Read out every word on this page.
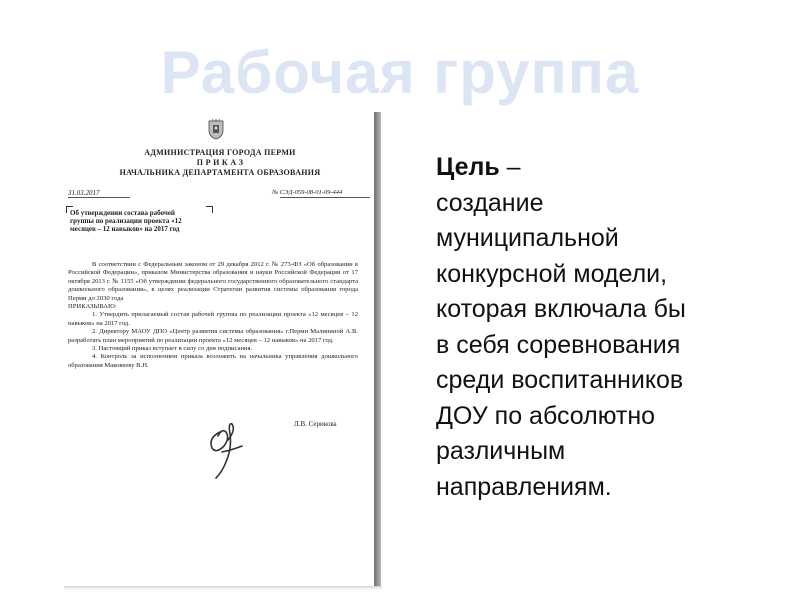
Рабочая группа
АДМИНИСТРАЦИЯ ГОРОДА ПЕРМИ
П Р И К А З
НАЧАЛЬНИКА ДЕПАРТАМЕНТА ОБРАЗОВАНИЯ
31.03.2017	№ СЭД-059-08-01-09-444
Об утверждении состава рабочей
группы по реализации проекта «12
месяцев – 12 навыков» на 2017 год

В соответствии с Федеральным законом от 29 декабря 2012 г. № 273-ФЗ «Об образовании в Российской Федерации», приказом Министерства образования и науки Российской Федерации от 17 октября 2013 г. № 1155 «Об утверждении федерального государственного образовательного стандарта дошкольного образования», в целях реализации Стратегии развития системы образования города Перми до 2030 года

ПРИКАЗЫВАЮ:

1. Утвердить прилагаемый состав рабочей группы по реализации проекта «12 месяцев – 12 навыков» на 2017 год.

2. Директору МАОУ ДПО «Центр развития системы образования» г.Перми Малининой А.В. разработать план мероприятий по реализации проекта «12 месяцев – 12 навыков» на 2017 год.

3. Настоящий приказ вступает в силу со дня подписания.

4. Контроль за исполнением приказа возложить на начальника управления дошкольного образования Маковееву В.Н.

Л.В. Серикова
Цель –
создание
муниципальной
конкурсной модели,
которая включала бы
в себя соревнования
среди воспитанников
ДОУ по абсолютно
различным
направлениям.
